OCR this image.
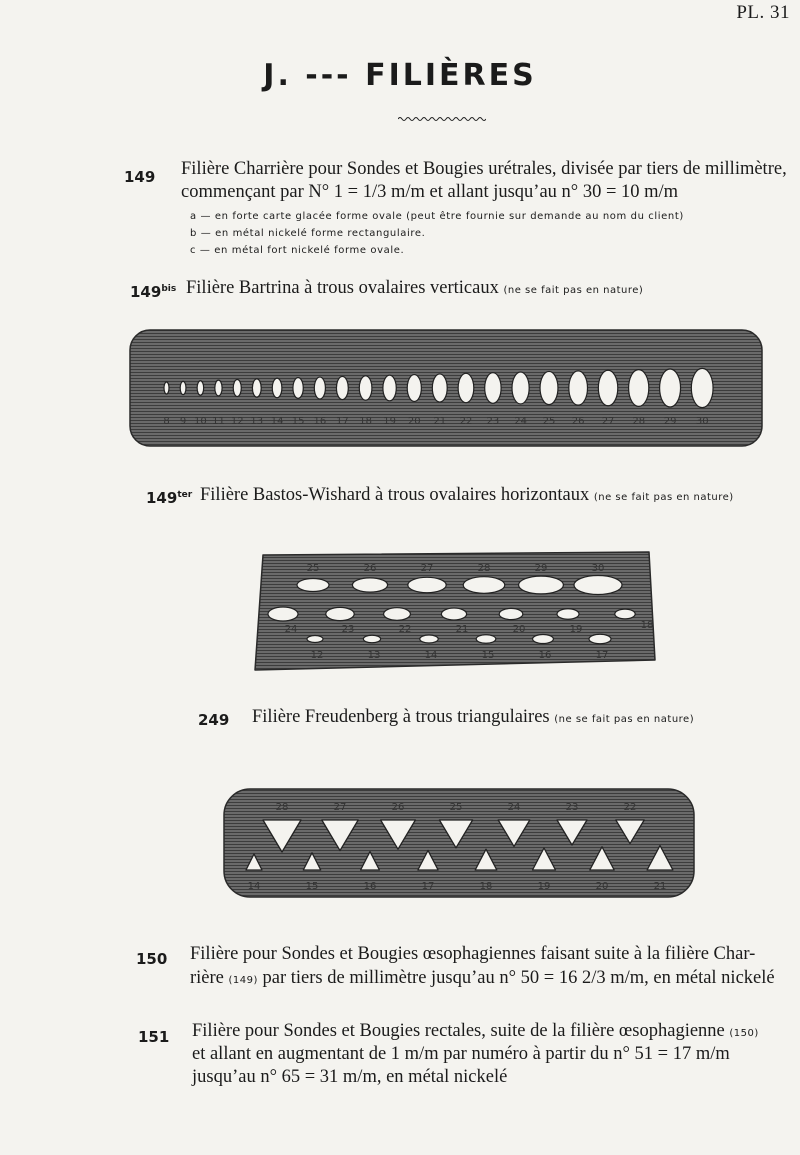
PL. 31
J. --- FILIÈRES
149 Filière Charrière pour Sondes et Bougies urétrales, divisée par tiers de millimètre,
commençant par N° 1 = 1/3 m/m et allant jusqu’au n° 30 = 10 m/m
a — en forte carte glacée forme ovale (peut être fournie sur demande au nom du client)
b — en métal nickelé forme rectangulaire.
c — en métal fort nickelé forme ovale.
$149^{bis}$ Filière Bartrina à trous ovalaires verticaux (ne se fait pas en nature)
8 9 10 11 12 13 14 15 16 17 18 19 20 21 22 23 24 25 26 27 28 29 30
$149^{ter}$ Filière Bastos-Wishard à trous ovalaires horizontaux (ne se fait pas en nature)
25	26	27	28	29	30
24	23	22	21	20	19	18
12	13	14	15	16	17
249 Filière Freudenberg à trous triangulaires (ne se fait pas en nature)
28	27	26	25	24	23	22
14	15	16	17	18	19	20	21
150 Filière pour Sondes et Bougies œsophagiennes faisant suite à la filière Char-
rière (149) par tiers de millimètre jusqu’au n° 50 = 16 2/3 m/m, en métal nickelé
151 Filière pour Sondes et Bougies rectales, suite de la filière œsophagienne (150)
et allant en augmentant de 1 m/m par numéro à partir du n° 51 = 17 m/m
jusqu’au n° 65 = 31 m/m, en métal nickelé
